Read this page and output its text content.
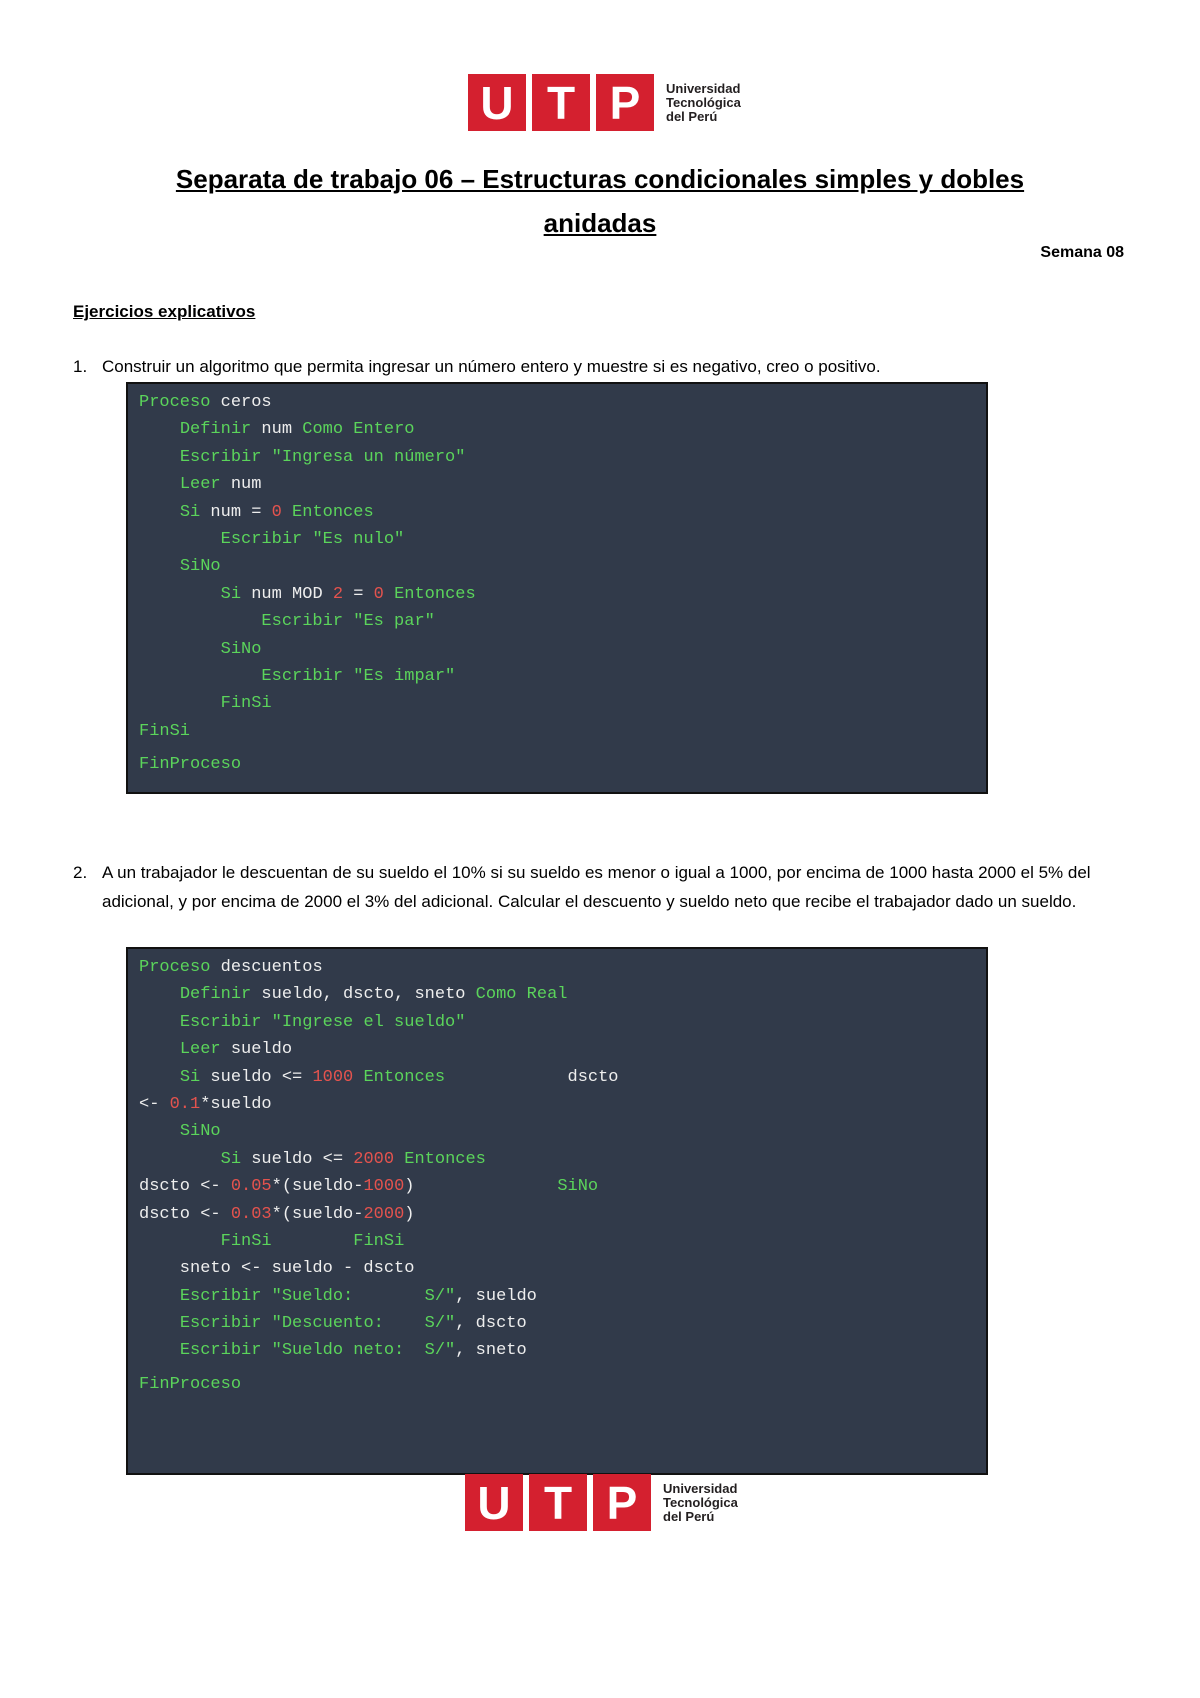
U T P	Universidad
Tecnológica
del Perú
Separata de trabajo 06 – Estructuras condicionales simples y dobles
anidadas
Semana 08
Ejercicios explicativos
1. Construir un algoritmo que permita ingresar un número entero y muestre si es negativo, creo o positivo.
Proceso ceros
Definir num Como Entero
Escribir "Ingresa un número"
Leer num
Si num = 0 Entonces
Escribir "Es nulo"
SiNo
Si num MOD 2 = 0 Entonces
Escribir "Es par"
SiNo
Escribir "Es impar"
FinSi
FinSi
FinProceso
2. A un trabajador le descuentan de su sueldo el 10% si su sueldo es menor o igual a 1000, por encima de 1000 hasta 2000 el 5% del adicional, y por encima de 2000 el 3% del adicional. Calcular el descuento y sueldo neto que recibe el trabajador dado un sueldo.
Proceso descuentos
Definir sueldo, dscto, sneto Como Real
Escribir "Ingrese el sueldo"
Leer sueldo
Si sueldo <= 1000 Entonces            dscto
<- 0.1*sueldo
SiNo
Si sueldo <= 2000 Entonces
dscto <- 0.05*(sueldo-1000)              SiNo
dscto <- 0.03*(sueldo-2000)
FinSi	FinSi
sneto <- sueldo - dscto
Escribir "Sueldo:       S/", sueldo
Escribir "Descuento:    S/", dscto
Escribir "Sueldo neto:  S/", sneto
FinProceso
U T P	Universidad
Tecnológica
del Perú
